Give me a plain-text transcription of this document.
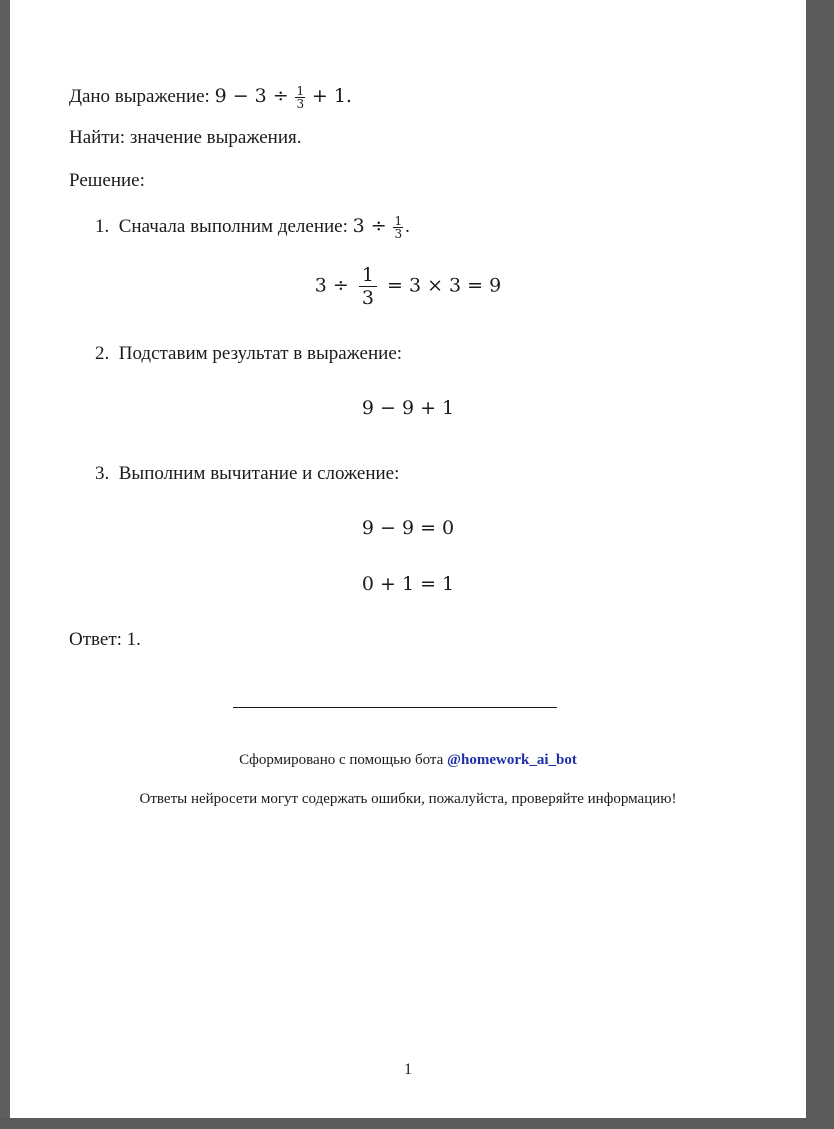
Дано выражение: $9 - 3 \div \frac{1}{3} + 1$.
Найти: значение выражения.
Решение:
1. Сначала выполним деление: $3 \div \frac{1}{3}$ .
$3 \div \frac{1}{3} = 3 \times 3 = 9$
2. Подставим результат в выражение:
9 − 9 + 1
3. Выполним вычитание и сложение:
9 − 9 = 0
0 + 1 = 1
Ответ: 1.
Сформировано с помощью бота @homework_ai_bot
Ответы нейросети могут содержать ошибки, пожалуйста, проверяйте информацию!
1
